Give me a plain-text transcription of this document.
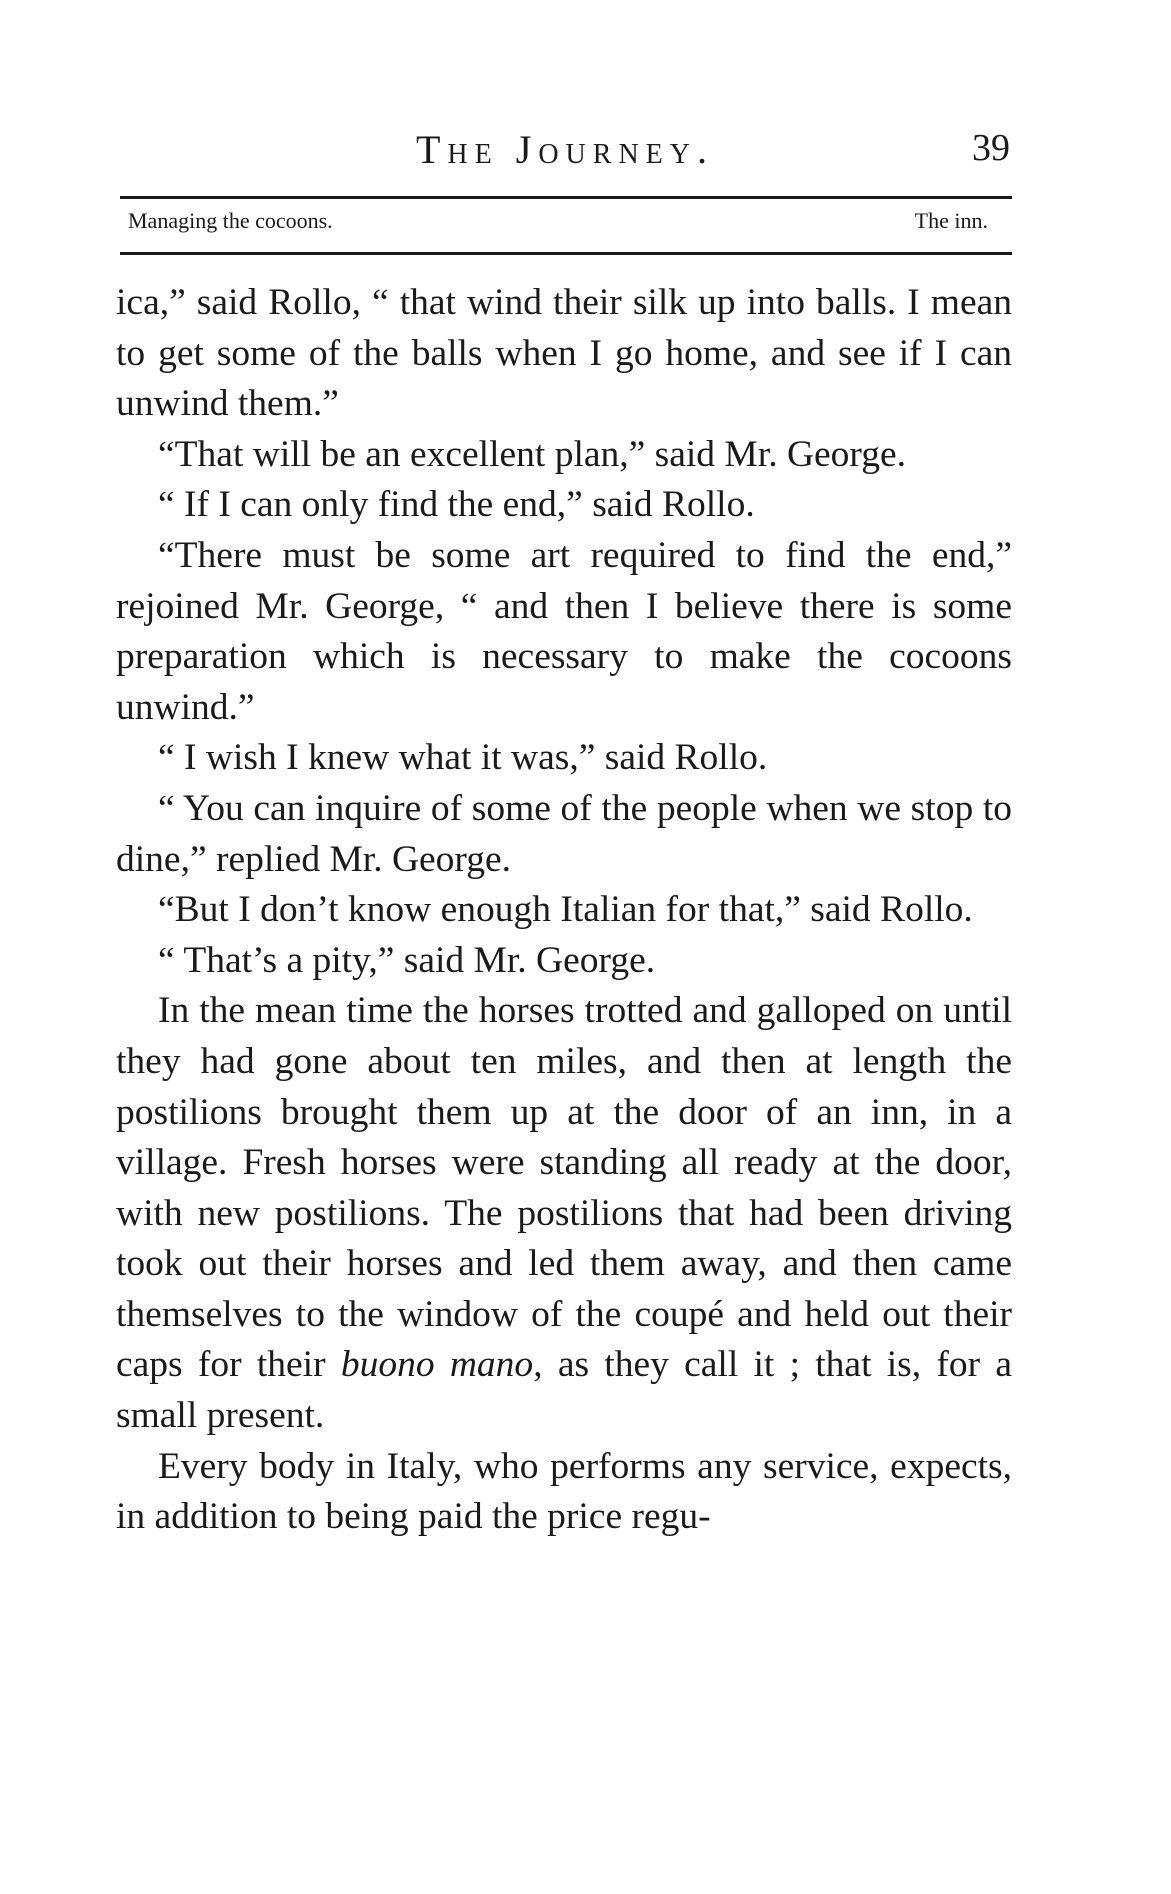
The Journey.	39
Managing the cocoons.	The inn.

ica,” said Rollo, “ that wind their silk up into balls. I mean to get some of the balls when I go home, and see if I can unwind them.”

“That will be an excellent plan,” said Mr. George.

“ If I can only find the end,” said Rollo.

“There must be some art required to find the end,” rejoined Mr. George, “ and then I believe there is some preparation which is necessary to make the cocoons unwind.”

“ I wish I knew what it was,” said Rollo.

“ You can inquire of some of the people when we stop to dine,” replied Mr. George.

“But I don’t know enough Italian for that,” said Rollo.

“ That’s a pity,” said Mr. George.

In the mean time the horses trotted and galloped on until they had gone about ten miles, and then at length the postilions brought them up at the door of an inn, in a village. Fresh horses were standing all ready at the door, with new postilions. The postilions that had been driving took out their horses and led them away, and then came themselves to the window of the coupé and held out their caps for their buono mano, as they call it ; that is, for a small present.

Every body in Italy, who performs any service, expects, in addition to being paid the price regu-
